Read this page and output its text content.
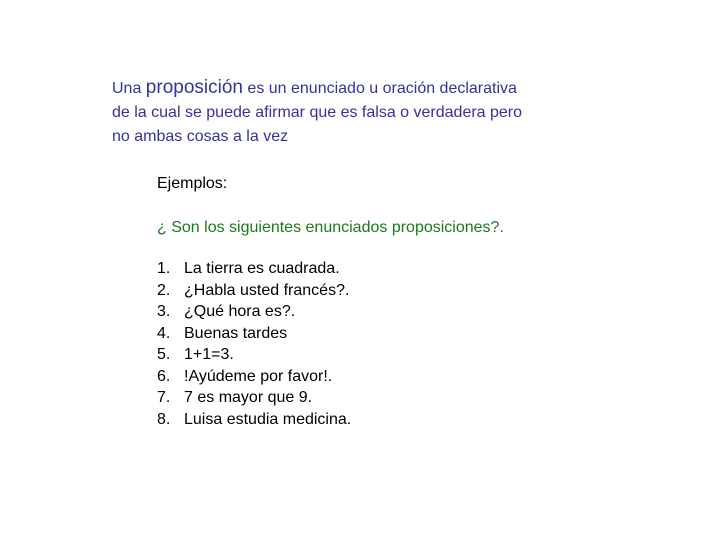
Una proposición es un enunciado u oración declarativa
de la cual se puede afirmar que es falsa o verdadera pero
no ambas cosas a la vez
Ejemplos:
¿ Son los siguientes enunciados proposiciones?.
1. La tierra es cuadrada.
2. ¿Habla usted francés?.
3. ¿Qué hora es?.
4. Buenas tardes
5. 1+1=3.
6. !Ayúdeme por favor!.
7. 7 es mayor que 9.
8. Luisa estudia medicina.
